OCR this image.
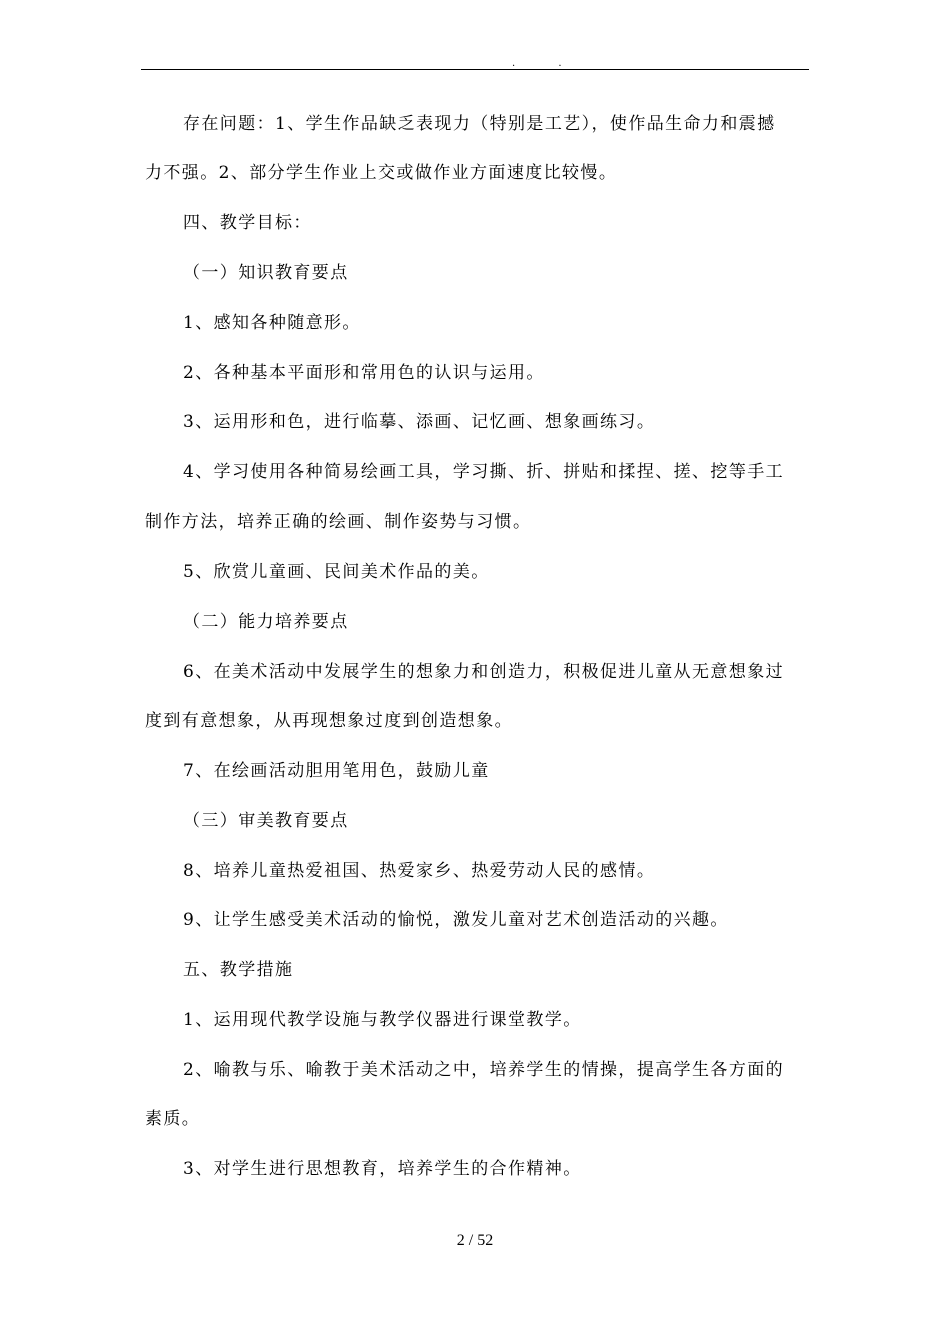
. .
存在问题：1、学生作品缺乏表现力（特别是工艺），使作品生命力和震撼
力不强。2、部分学生作业上交或做作业方面速度比较慢。
四、教学目标：
（一）知识教育要点
1、感知各种随意形。
2、各种基本平面形和常用色的认识与运用。
3、运用形和色，进行临摹、添画、记忆画、想象画练习。
4、学习使用各种简易绘画工具，学习撕、折、拼贴和揉捏、搓、挖等手工
制作方法，培养正确的绘画、制作姿势与习惯。
5、欣赏儿童画、民间美术作品的美。
（二）能力培养要点
6、在美术活动中发展学生的想象力和创造力，积极促进儿童从无意想象过
度到有意想象，从再现想象过度到创造想象。
7、在绘画活动胆用笔用色，鼓励儿童
（三）审美教育要点
8、培养儿童热爱祖国、热爱家乡、热爱劳动人民的感情。
9、让学生感受美术活动的愉悦，激发儿童对艺术创造活动的兴趣。
五、教学措施
1、运用现代教学设施与教学仪器进行课堂教学。
2、喻教与乐、喻教于美术活动之中，培养学生的情操，提高学生各方面的
素质。
3、对学生进行思想教育，培养学生的合作精神。
2 / 52
